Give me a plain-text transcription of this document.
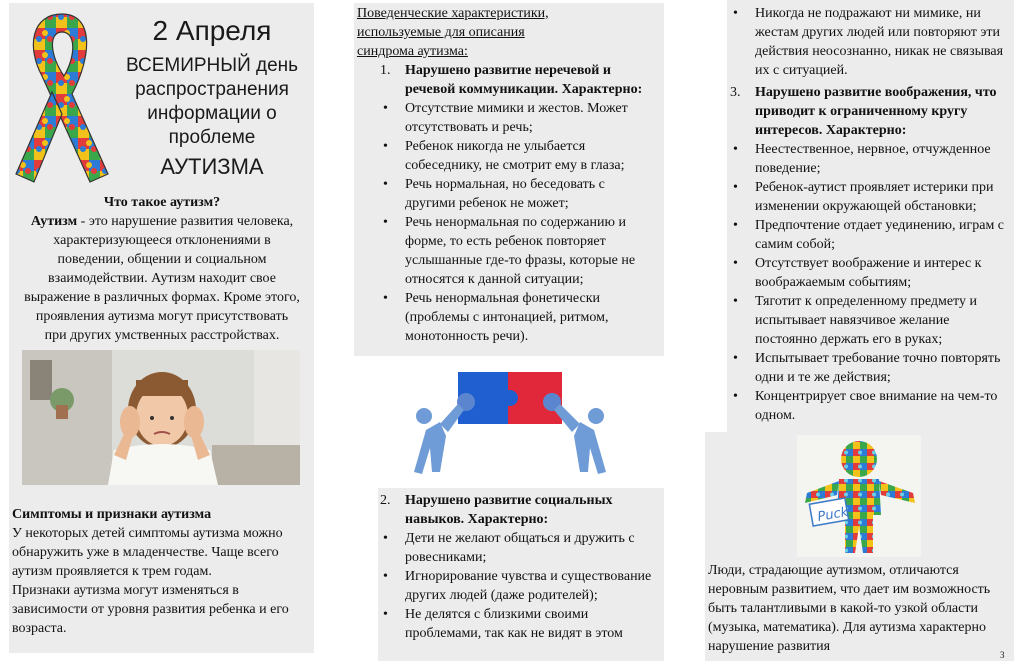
2 Апреля

ВСЕМИРНЫЙ день

распространения

информации о

проблеме

АУТИЗМА

Что такое аутизм?

Аутизм - это нарушение развития человека,

характеризующееся отклонениями в

поведении, общении и социальном

взаимодействии. Аутизм находит свое

выражение в различных формах. Кроме этого,

проявления аутизма могут присутствовать

при других умственных расстройствах.

Симптомы и признаки аутизма

У некоторых детей симптомы аутизма можно обнаружить уже в младенчестве. Чаще всего аутизм проявляется к трем годам.

Признаки аутизма могут изменяться в зависимости от уровня развития ребенка и его возраста.

Поведенческие характеристики,

используемые для описания

синдрома аутизма:

1. Нарушено развитие неречевой и речевой коммуникации. Характерно:
• Отсутствие мимики и жестов. Может отсутствовать и речь;
• Ребенок никогда не улыбается собеседнику, не смотрит ему в глаза;
• Речь нормальная, но беседовать с другими ребенок не может;
• Речь ненормальная по содержанию и форме, то есть ребенок повторяет услышанные где-то фразы, которые не относятся к данной ситуации;
• Речь ненормальная фонетически (проблемы с интонацией, ритмом, монотонность речи).
2. Нарушено развитие социальных навыков. Характерно:
• Дети не желают общаться и дружить с ровесниками;
• Игнорирование чувства и существование других людей (даже родителей);
• Не делятся с близкими своими проблемами, так как не видят в этом
• Никогда не подражают ни мимике, ни жестам других людей или повторяют эти действия неосознанно, никак не связывая их с ситуацией.
3. Нарушено развитие воображения, что приводит к ограниченному кругу интересов. Характерно:
• Неестественное, нервное, отчужденное поведение;
• Ребенок-аутист проявляет истерики при изменении окружающей обстановки;
• Предпочтение отдает уединению, играм с самим собой;
• Отсутствует воображение и интерес к воображаемым событиям;
• Тяготит к определенному предмету и испытывает навязчивое желание постоянно держать его в руках;
• Испытывает требование точно повторять одни и те же действия;
• Концентрирует свое внимание на чем-то одном.
Puck

Люди, страдающие аутизмом, отличаются неровным развитием, что дает им возможность быть талантливыми в какой-то узкой области (музыка, математика). Для аутизма характерно нарушение развития

3
